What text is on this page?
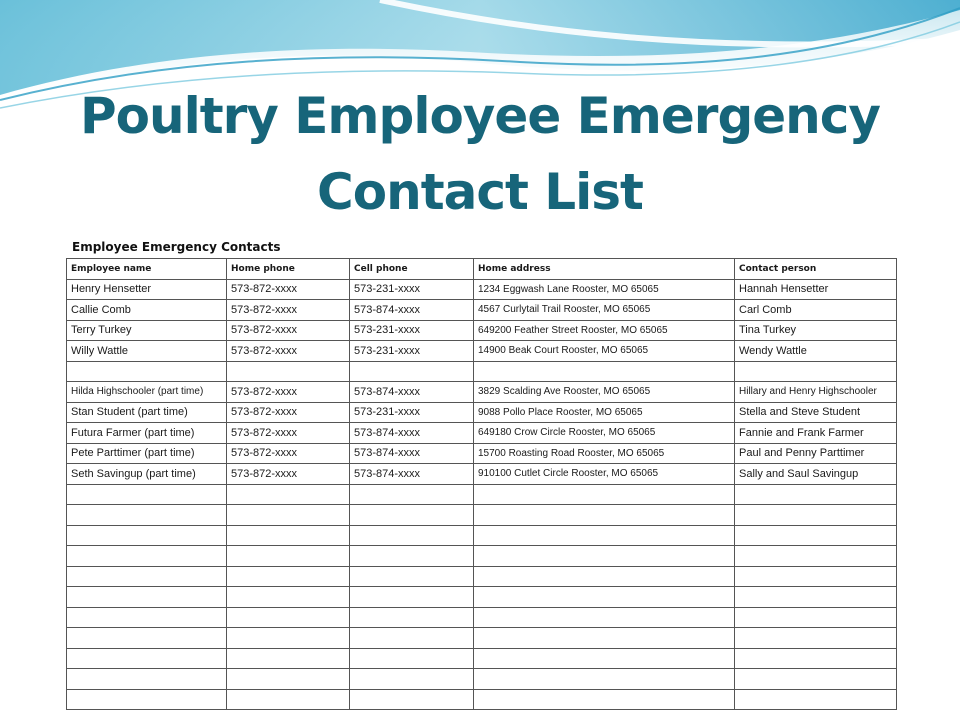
Poultry Employee Emergency
Contact List
Employee Emergency Contacts
Employee name	Home phone	Cell phone	Home address	Contact person
Henry Hensetter	573-872-xxxx	573-231-xxxx	1234 Eggwash Lane Rooster, MO 65065	Hannah Hensetter
Callie Comb	573-872-xxxx	573-874-xxxx	4567 Curlytail Trail Rooster, MO 65065	Carl Comb
Terry Turkey	573-872-xxxx	573-231-xxxx	649200 Feather Street Rooster, MO 65065	Tina Turkey
Willy Wattle	573-872-xxxx	573-231-xxxx	14900 Beak Court Rooster, MO 65065	Wendy Wattle

Hilda Highschooler (part time)	573-872-xxxx	573-874-xxxx	3829 Scalding Ave Rooster, MO 65065	Hillary and Henry Highschooler
Stan Student (part time)	573-872-xxxx	573-231-xxxx	9088 Pollo Place Rooster, MO 65065	Stella and Steve Student
Futura Farmer (part time)	573-872-xxxx	573-874-xxxx	649180 Crow Circle Rooster, MO 65065	Fannie and Frank Farmer
Pete Parttimer (part time)	573-872-xxxx	573-874-xxxx	15700 Roasting Road Rooster, MO 65065	Paul and Penny Parttimer
Seth Savingup (part time)	573-872-xxxx	573-874-xxxx	910100 Cutlet Circle Rooster, MO 65065	Sally and Saul Savingup
